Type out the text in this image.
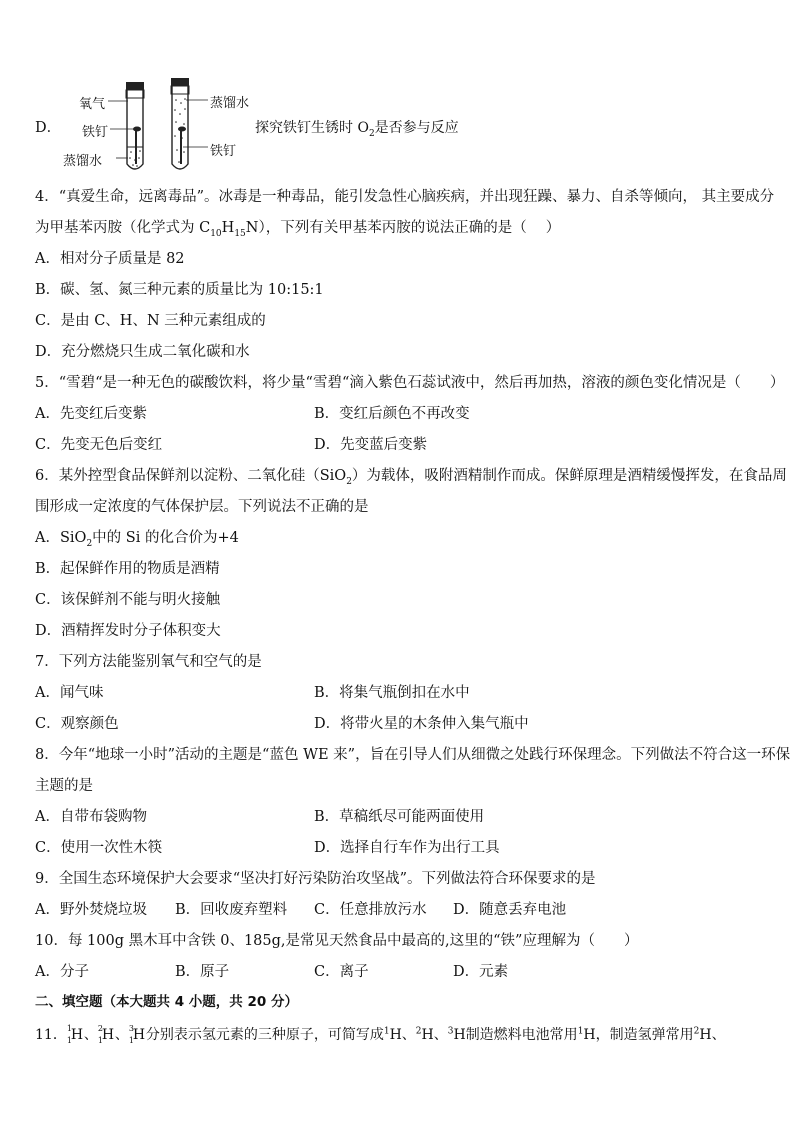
D．
氧气
铁钉
蒸馏水
蒸馏水
铁钉
探究铁钉生锈时 $O_2$是否参与反应
4．“真爱生命，远离毒品”。冰毒是一种毒品，能引发急性心脑疾病，并出现狂躁、暴力、自杀等倾向， 其主要成分
为甲基苯丙胺（化学式为 $C_{10}H_{15}N$），下列有关甲基苯丙胺的说法正确的是（　 ）
A．相对分子质量是 82
B．碳、氢、氮三种元素的质量比为 10:15:1
C．是由 C、H、N 三种元素组成的
D．充分燃烧只生成二氧化碳和水
5．“雪碧“是一种无色的碳酸饮料，将少量“雪碧“滴入紫色石蕊试液中，然后再加热，溶液的颜色变化情况是（　　）
A．先变红后变紫	B．变红后颜色不再改变
C．先变无色后变红	D．先变蓝后变紫
6．某外控型食品保鲜剂以淀粉、二氧化硅（SiO$_2$）为载体，吸附酒精制作而成。保鲜原理是酒精缓慢挥发，在食品周
围形成一定浓度的气体保护层。下列说法不正确的是
A．SiO$_2$中的 Si 的化合价为+4
B．起保鲜作用的物质是酒精
C．该保鲜剂不能与明火接触
D．酒精挥发时分子体积变大
7．下列方法能鉴别氧气和空气的是
A．闻气味	B．将集气瓶倒扣在水中
C．观察颜色	D．将带火星的木条伸入集气瓶中
8．今年“地球一小时”活动的主题是“蓝色 WE 来”，旨在引导人们从细微之处践行环保理念。下列做法不符合这一环保
主题的是
A．自带布袋购物	B．草稿纸尽可能两面使用
C．使用一次性木筷	D．选择自行车作为出行工具
9．全国生态环境保护大会要求“坚决打好污染防治攻坚战”。下列做法符合环保要求的是
A．野外焚烧垃圾 B．回收废弃塑料 C．任意排放污水 D．随意丢弃电池
10．每 100g 黑木耳中含铁 0、185g,是常见天然食品中最高的,这里的“铁”应理解为（　　）
A．分子	B．原子	C．离子	D．元素
二、填空题（本大题共 4 小题，共 20 分）
11． 1
1
H 、 2
1
H 、 3
1
H 分别表示氢元素的三种原子，可简写成$^1$H、$^2$H、$^3$H制造燃料电池常用$^1$H，制造氢弹常用$^2$H、
